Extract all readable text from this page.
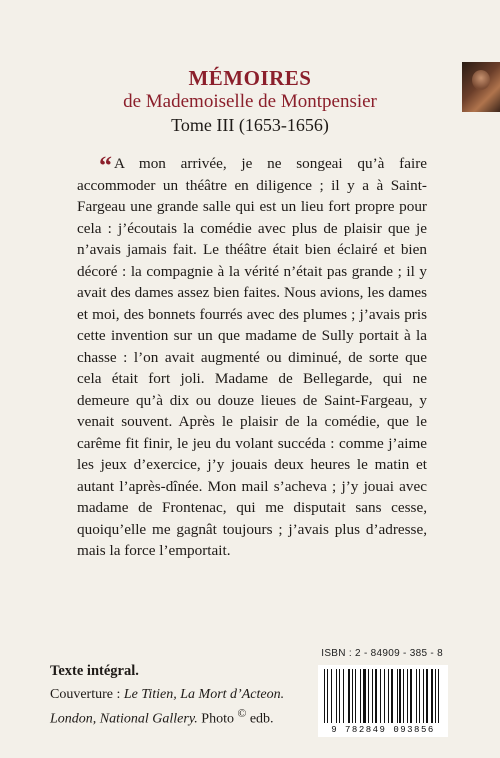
MÉMOIRES
de Mademoiselle de Montpensier
Tome III (1653-1656)
“ A mon arrivée, je ne songeai qu’à faire accommoder un théâtre en diligence ; il y a à Saint-Fargeau une grande salle qui est un lieu fort propre pour cela : j’écoutais la comédie avec plus de plaisir que je n’avais jamais fait. Le théâtre était bien éclairé et bien décoré : la compagnie à la vérité n’était pas grande ; il y avait des dames assez bien faites. Nous avions, les dames et moi, des bonnets fourrés avec des plumes ; j’avais pris cette invention sur un que madame de Sully portait à la chasse : l’on avait augmenté ou diminué, de sorte que cela était fort joli. Madame de Bellegarde, qui ne demeure qu’à dix ou douze lieues de Saint-Fargeau, y venait souvent. Après le plaisir de la comédie, que le carême fit finir, le jeu du volant succéda : comme j’aime les jeux d’exercice, j’y jouais deux heures le matin et autant l’après-dînée. Mon mail s’acheva ; j’y jouai avec madame de Frontenac, qui me disputait sans cesse, quoiqu’elle me gagnât toujours ; j’avais plus d’adresse, mais la force l’emportait.
Texte intégral.
Couverture : Le Titien, La Mort d’Acteon.
London, National Gallery. Photo © edb.
ISBN : 2 - 84909 - 385 - 8
9 782849 093856
